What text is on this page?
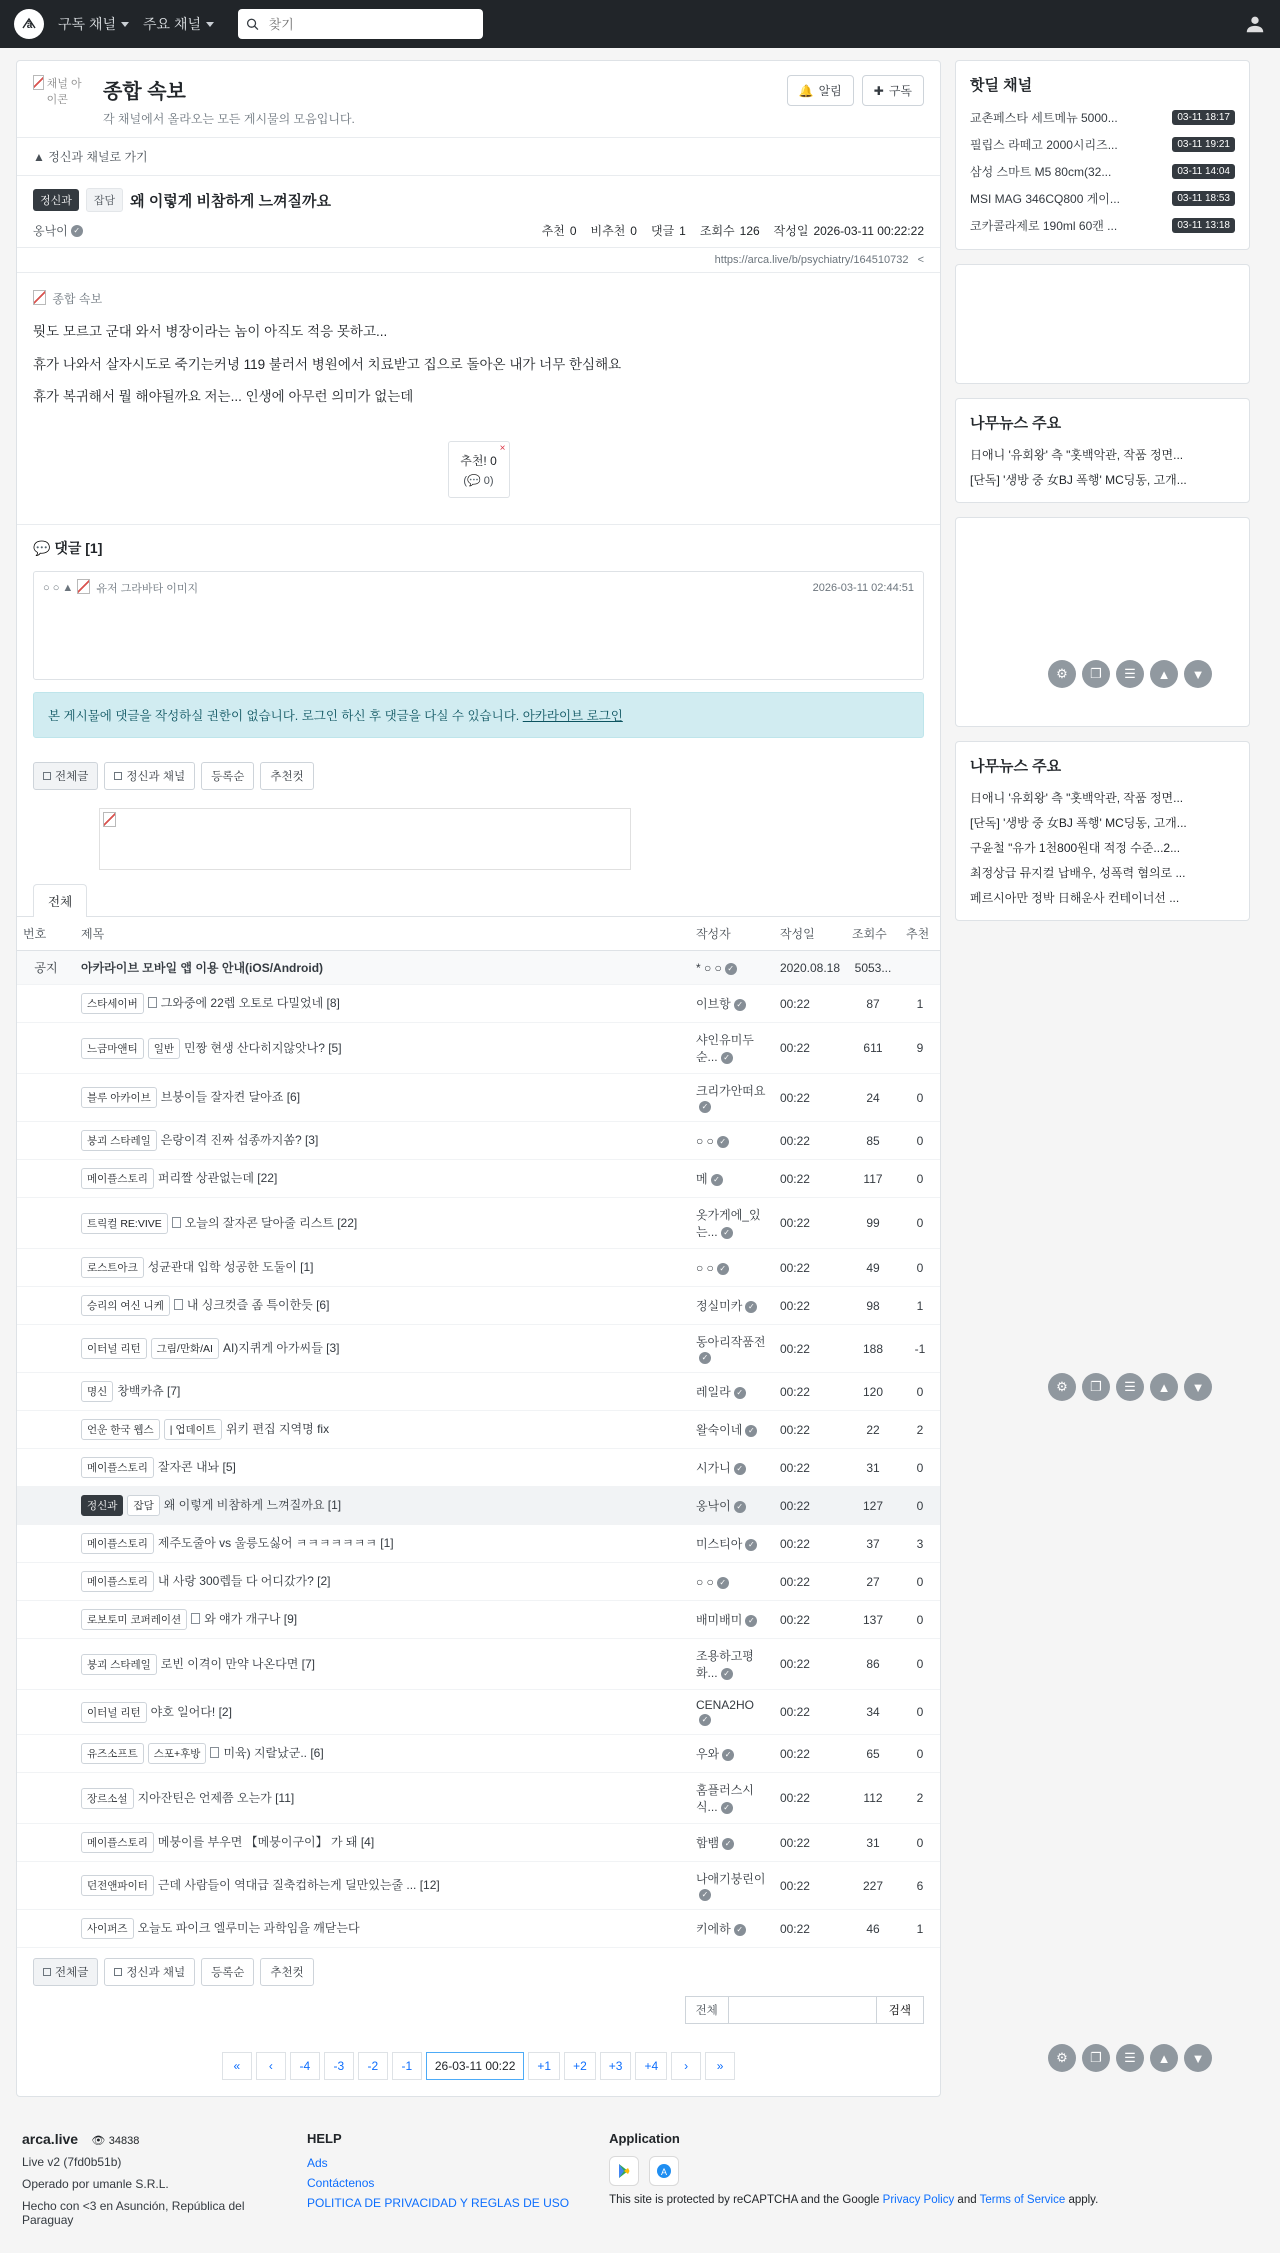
ā 구독 채널 주요 채널
찾기
채널 아이콘	종합 속보
각 채널에서 올라오는 모든 게시물의 모음입니다.
🔔 알림	✚ 구독
▲ 정신과 채널로 가기
정신과	잡담	왜 이렇게 비참하게 느껴질까요
옹낙이 ✓	추천 0 비추천 0 댓글 1 조회수 126 작성일 2026-03-11 00:22:22
https://arca.live/b/psychiatry/164510732 <
종합 속보

뭣도 모르고 군대 와서 병장이라는 놈이 아직도 적응 못하고...

휴가 나와서 살자시도로 죽기는커녕 119 불러서 병원에서 치료받고 집으로 돌아온 내가 너무 한심해요

휴가 복귀해서 뭘 해야될까요 저는... 인생에 아무런 의미가 없는데

×
추천! 0
(💬 0)
💬 댓글 [1]
○ ○ ▲	유저 그라바타 이미지	2026-03-11 02:44:51
본 게시물에 댓글을 작성하실 권한이 없습니다. 로그인 하신 후 댓글을 다실 수 있습니다. 아카라이브 로그인
전체글	정신과 채널 등록순 추천컷
전체
번호	제목	작성자	작성일	조회수	추천
공지	아카라이브 모바일 앱 이용 안내(iOS/Android)	* ○ ○ ✓	2020.08.18	5053...	
	스타세이버 그와중에 22렙 오토로 다밀었네 [8]	이브항 ✓	00:22	87	1
	느금마앤티 일반 민짱 현생 산다히지않앗나? [5]	샤인유미두순... ✓	00:22	611	9
	블루 아카이브 브붕이들 잘자켠 달아죠 [6]	크리가안떠요✓	00:22	24	0
	붕괴 스타레일 은랑이격 진짜 섭종까지쏨? [3]	○ ○ ✓	00:22	85	0
	메이플스토리 퍼리짤 상관없는데 [22]	메 ✓	00:22	117	0
	트릭컬 RE:VIVE 오늘의 잘자콘 달아줄 리스트 [22]	옷가게에_있는... ✓	00:22	99	0
	로스트아크 성균관대 입학 성공한 도둘이 [1]	○ ○ ✓	00:22	49	0
	승리의 여신 니케 내 싱크컷즐 좀 특이한듯 [6]	정실미카 ✓	00:22	98	1
	이터널 리턴 그림/만화/AI AI)지퀴게 아가씨들 [3]	동아리작품전✓	00:22	188	-1
	명신 창백카츄 [7]	레일라 ✓	00:22	120	0
	언운 한국 웹스 | 업데이트 위키 편집 지역명 fix	왈숙이네 ✓	00:22	22	2
	메이플스토리 잘자콘 내놔 [5]	시가니 ✓	00:22	31	0
	정신과 잡담 왜 이렇게 비참하게 느껴질까요 [1]	옹낙이 ✓	00:22	127	0
	메이플스토리 제주도줄아 vs 울릉도싫어 ㅋㅋㅋㅋㅋㅋㅋ [1]	미스티아 ✓	00:22	37	3
	메이플스토리 내 사랑 300렙들 다 어디갔가? [2]	○ ○ ✓	00:22	27	0
	로보토미 코퍼레이션 와 얘가 개구나 [9]	배미배미 ✓	00:22	137	0
	붕괴 스타레일 로빈 이격이 만약 나온다면 [7]	조용하고평화... ✓	00:22	86	0
	이터널 리턴 야호 일어다! [2]	CENA2HO✓	00:22	34	0
	유즈소프트 스포+후방 미육) 지랄났군.. [6]	우와 ✓	00:22	65	0
	장르소설 지아잔틴은 언제쯤 오는가 [11]	홈플러스시식... ✓	00:22	112	2
	메이플스토리 메붕이를 부우면 【메붕이구이】 가 돼 [4]	함뱀 ✓	00:22	31	0
	던전앤파이터 근데 사람들이 역대급 질축컵하는게 딜만있는줄 ... [12]	나애기붕린이✓	00:22	227	6
	사이퍼즈 오늘도 파이크 엘루미는 과학임을 깨닫는다	키에하 ✓	00:22	46	1
전체글	정신과 채널 등록순 추천컷
전체	검색
«	‹	-4	-3	-2	-1	26-03-11 00:22	+1	+2	+3	+4	›	»
핫딜 채널
교촌페스타 세트메뉴 5000...	03-11 18:17
필립스 라떼고 2000시리즈...	03-11 19:21
삼성 스마트 M5 80cm(32...	03-11 14:04
MSI MAG 346CQ800 게이...	03-11 18:53
코카콜라제로 190ml 60캔 ...	03-11 13:18
나무뉴스 주요
日애니 '유회왕' 측 "홋백악관, 작품 정면...
[단독] '생방 중 女BJ 폭행' MC딩동, 고개...
나무뉴스 주요
日애니 '유회왕' 측 "홋백악관, 작품 정면...
[단독] '생방 중 女BJ 폭행' MC딩동, 고개...
구윤철 "유가 1천800원대 적정 수준...2...
최정상급 뮤지컬 납배우, 성폭력 혐의로 ...
페르시아만 정박 日해운사 컨테이너선 ...
⚙	❐	☰	▲	▼
⚙	❐	☰	▲	▼
⚙	❐	☰	▲	▼
arca.live 👁 34838
Live v2 (7fd0b51b)
Operado por umanle S.R.L.
Hecho con <3 en Asunción, República del Paraguay
HELP
Ads
Contáctenos
POLITICA DE PRIVACIDAD Y REGLAS DE USO
Application
A
This site is protected by reCAPTCHA and the Google Privacy Policy and Terms of Service apply.
